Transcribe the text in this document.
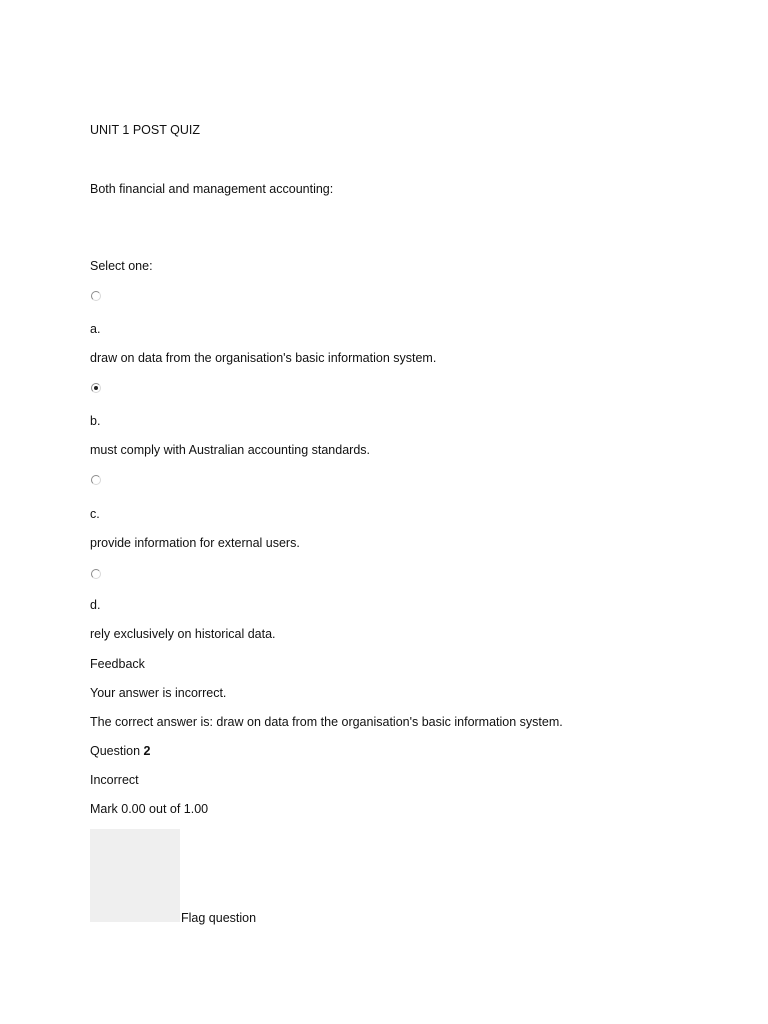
UNIT 1 POST QUIZ
Both financial and management accounting:
Select one:
a.
draw on data from the organisation's basic information system.
b.
must comply with Australian accounting standards.
c.
provide information for external users.
d.
rely exclusively on historical data.
Feedback
Your answer is incorrect.
The correct answer is: draw on data from the organisation's basic information system.
Question 2
Incorrect
Mark 0.00 out of 1.00
Flag question
